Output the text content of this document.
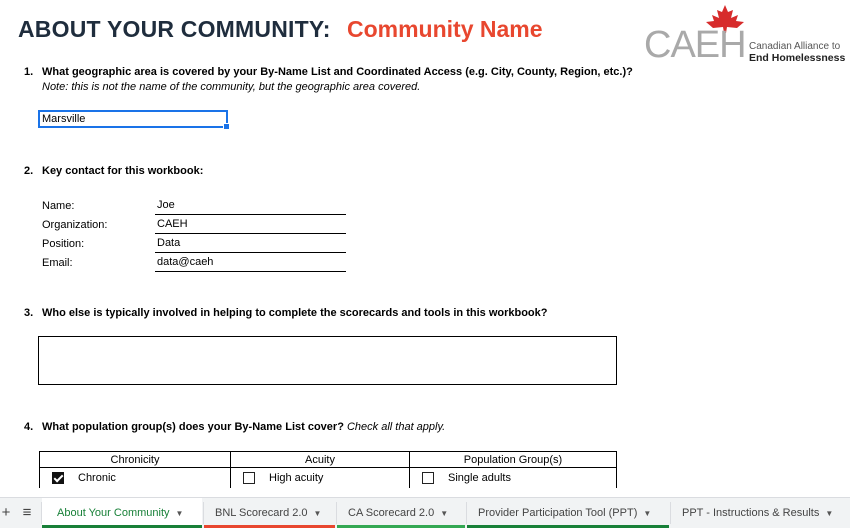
ABOUT YOUR COMMUNITY: Community Name	CAEH Canadian Alliance to
End Homelessness
1. What geographic area is covered by your By-Name List and Coordinated Access (e.g. City, County, Region, etc.)?
Note: this is not the name of the community, but the geographic area covered.
Marsville
2. Key contact for this workbook:
Name:	Joe
Organization:	CAEH
Position:	Data
Email:	data@caeh
3. Who else is typically involved in helping to complete the scorecards and tools in this workbook?
4. What population group(s) does your By-Name List cover? Check all that apply.
Chronicity	Acuity	Population Group(s)

Chronic	High acuity	Single adults
+ ≡	About Your Community ▼	BNL Scorecard 2.0 ▼	CA Scorecard 2.0 ▼	Provider Participation Tool (PPT) ▼	PPT - Instructions & Results ▼
